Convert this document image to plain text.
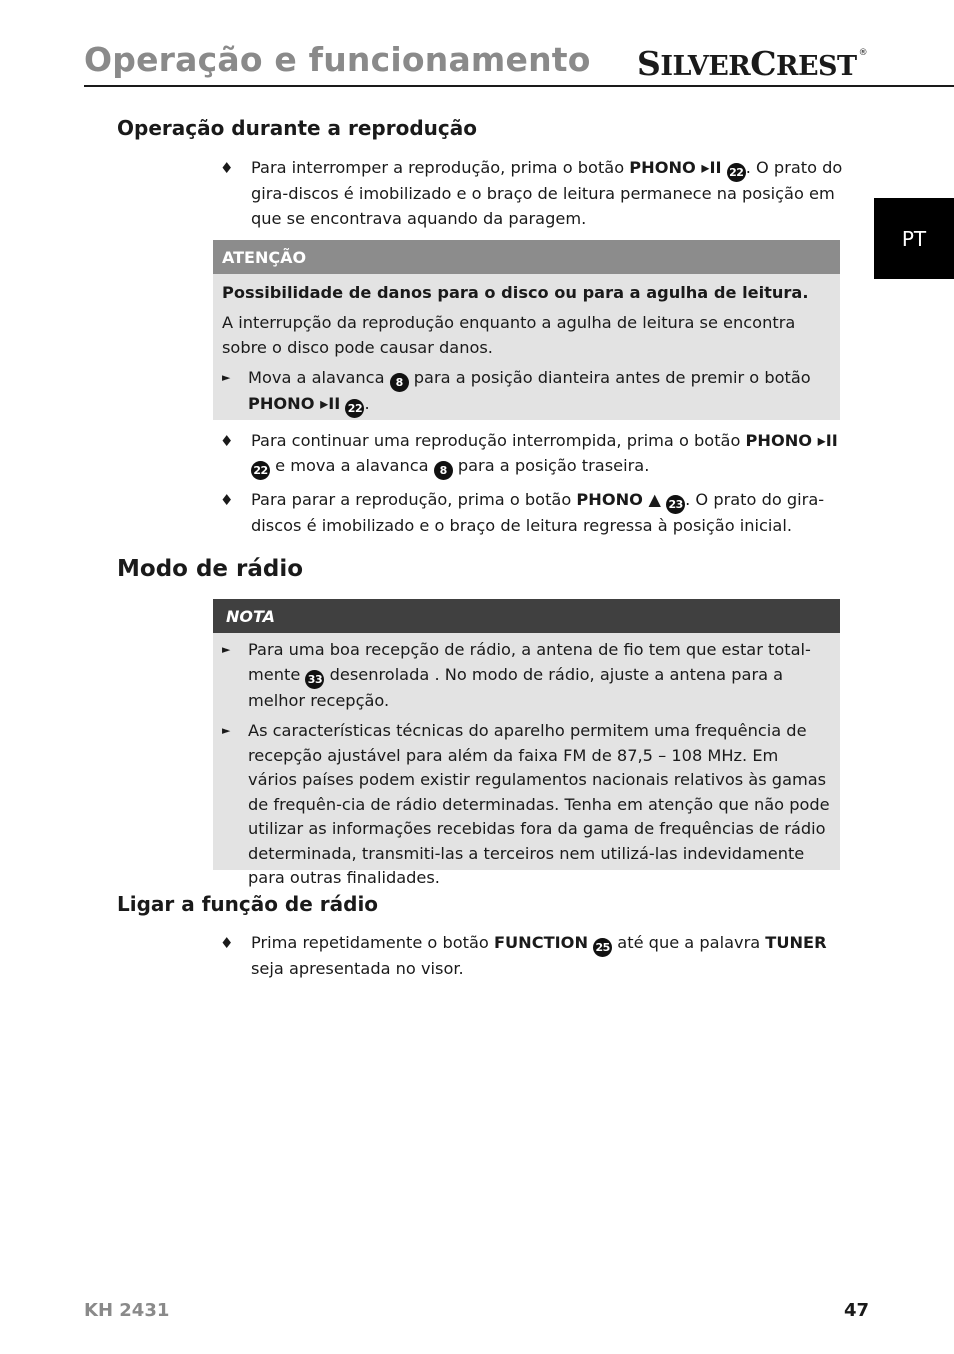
Operação e funcionamento SILVERCREST ®
PT
Operação durante a reprodução
♦ Para interromper a reprodução, prima o botão PHONO ▸II 22 . O prato do gira-discos é imobilizado e o braço de leitura permanece na posição em que se encontrava aquando da paragem.
ATENÇÃO
Possibilidade de danos para o disco ou para a agulha de leitura.
A interrupção da reprodução enquanto a agulha de leitura se encontra sobre o disco pode causar danos.
► Mova a alavanca 8 para a posição dianteira antes de premir o botão PHONO ▸II 22 .
♦ Para continuar uma reprodução interrompida, prima o botão PHONO ▸II 22 e mova a alavanca 8 para a posição traseira.
♦ Para parar a reprodução, prima o botão PHONO ▲ 23 . O prato do gira-discos é imobilizado e o braço de leitura regressa à posição inicial.
Modo de rádio
NOTA
► Para uma boa recepção de rádio, a antena de fio tem que estar total-mente 33 desenrolada . No modo de rádio, ajuste a antena para a melhor recepção.
► As características técnicas do aparelho permitem uma frequência de recepção ajustável para além da faixa FM de 87,5 – 108 MHz. Em vários países podem existir regulamentos nacionais relativos às gamas de frequên-cia de rádio determinadas. Tenha em atenção que não pode utilizar as informações recebidas fora da gama de frequências de rádio determinada, transmiti-las a terceiros nem utilizá-las indevidamente para outras finalidades.
Ligar a função de rádio
♦ Prima repetidamente o botão FUNCTION 25 até que a palavra TUNER seja apresentada no visor.
KH 2431	47
